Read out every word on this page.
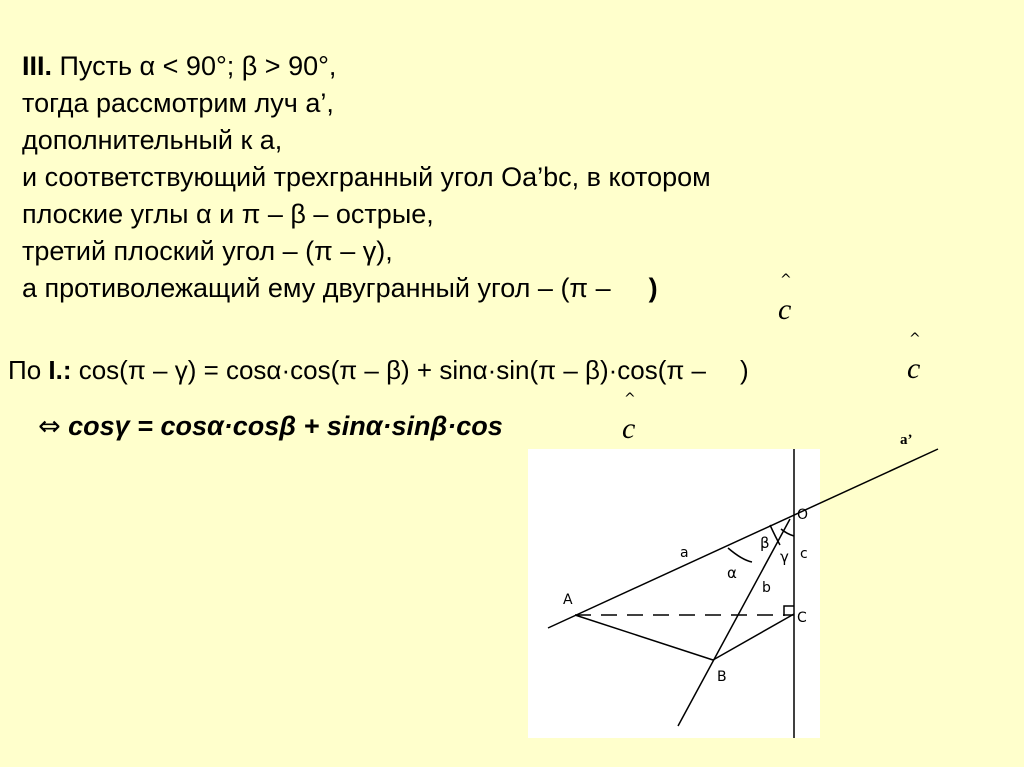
III. Пусть α < 90°; β > 90°,
тогда рассмотрим луч а’,
дополнительный к а,
и соответствующий трехгранный угол Оа’bc, в котором
плоские углы α и π – β – острые,
третий плоский угол – (π – γ),
а противолежащий ему двугранный угол – (π – )	^
c
По I.: cos(π – γ) = cosα·cos(π – β) + sinα·sin(π – β)·cos(π – )
^
c
⇔ cosγ = cosα·cosβ + sinα·sinβ·cos
^
c	a’
O
a
β
γ c
α
b
A
C
B
